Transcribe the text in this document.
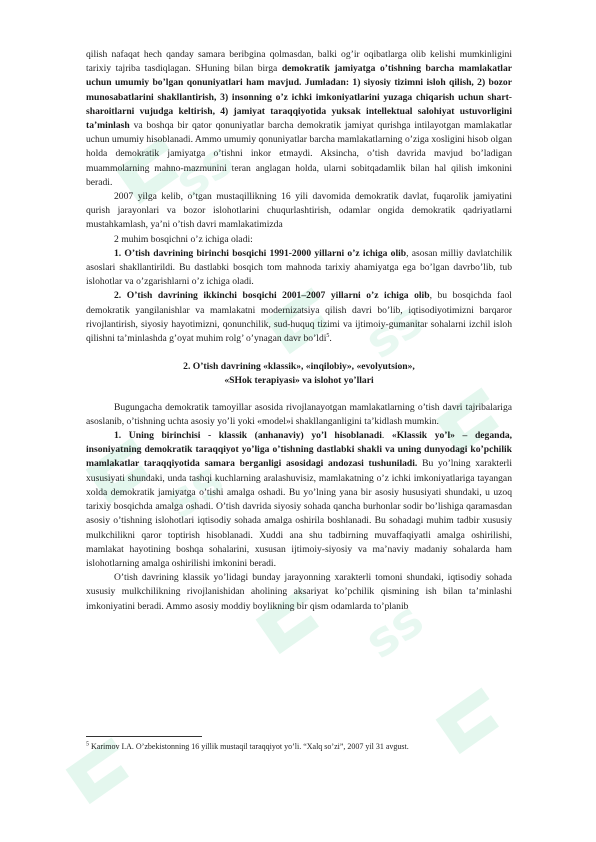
ss
ss
ss
ss

qilish nafaqat hech qanday samara beribgina qolmasdan, balki og’ir oqibatlarga olib kelishi mumkinligini tarixiy tajriba tasdiqlagan. SHuning bilan birga demokratik jamiyatga o’tishning barcha mamlakatlar uchun umumiy bo’lgan qonuniyatlari ham mavjud. Jumladan: 1) siyosiy tizimni isloh qilish, 2) bozor munosabatlarini shakllantirish, 3) insonning o’z ichki imkoniyatlarini yuzaga chiqarish uchun shart-sharoitlarni vujudga keltirish, 4) jamiyat taraqqiyotida yuksak intellektual salohiyat ustuvorligini ta’minlash va boshqa bir qator qonuniyatlar barcha demokratik jamiyat qurishga intilayotgan mamlakatlar uchun umumiy hisoblanadi. Ammo umumiy qonuniyatlar barcha mamlakatlarning o’ziga xosligini hisob olgan holda demokratik jamiyatga o’tishni inkor etmaydi. Aksincha, o’tish davrida mavjud bo’ladigan muammolarning mahno-mazmunini teran anglagan holda, ularni sobitqadamlik bilan hal qilish imkonini beradi.

2007 yilga kelib, o’tgan mustaqillikning 16 yili davomida demokratik davlat, fuqarolik jamiyatini qurish jarayonlari va bozor islohotlarini chuqurlashtirish, odamlar ongida demokratik qadriyatlarni mustahkamlash, ya’ni o’tish davri mamlakatimizda

2 muhim bosqichni o’z ichiga oladi:

1. O’tish davrining birinchi bosqichi 1991-2000 yillarni o’z ichiga olib, asosan milliy davlatchilik asoslari shakllantirildi. Bu dastlabki bosqich tom mahnoda tarixiy ahamiyatga ega bo’lgan davrbo’lib, tub islohotlar va o’zgarishlarni o’z ichiga oladi.

2. O’tish davrining ikkinchi bosqichi 2001–2007 yillarni o’z ichiga olib, bu bosqichda faol demokratik yangilanishlar va mamlakatni modernizatsiya qilish davri bo’lib, iqtisodiyotimizni barqaror rivojlantirish, siyosiy hayotimizni, qonunchilik, sud-huquq tizimi va ijtimoiy-gumanitar sohalarni izchil isloh qilishni ta’minlashda g’oyat muhim rolg’ o’ynagan davr bo’ldi$^5$.

2. O’tish davrining «klassik», «inqilobiy», «evolyutsion»,
«SHok terapiyasi» va islohot yo’llari

Bugungacha demokratik tamoyillar asosida rivojlanayotgan mamlakatlarning o’tish davri tajribalariga asoslanib, o’tishning uchta asosiy yo’li yoki «model»i shakllanganligini ta’kidlash mumkin.

1. Uning birinchisi - klassik (anhanaviy) yo’l hisoblanadi. «Klassik yo’l» – deganda, insoniyatning demokratik taraqqiyot yo’liga o’tishning dastlabki shakli va uning dunyodagi ko’pchilik mamlakatlar taraqqiyotida samara berganligi asosidagi andozasi tushuniladi. Bu yo’lning xarakterli xususiyati shundaki, unda tashqi kuchlarning aralashuvisiz, mamlakatning o’z ichki imkoniyatlariga tayangan xolda demokratik jamiyatga o’tishi amalga oshadi. Bu yo’lning yana bir asosiy hususiyati shundaki, u uzoq tarixiy bosqichda amalga oshadi. O’tish davrida siyosiy sohada qancha burhonlar sodir bo’lishiga qaramasdan asosiy o’tishning islohotlari iqtisodiy sohada amalga oshirila boshlanadi. Bu sohadagi muhim tadbir xususiy mulkchilikni qaror toptirish hisoblanadi. Xuddi ana shu tadbirning muvaffaqiyatli amalga oshirilishi, mamlakat hayotining boshqa sohalarini, xususan ijtimoiy-siyosiy va ma’naviy madaniy sohalarda ham islohotlarning amalga oshirilishi imkonini beradi.

O’tish davrining klassik yo’lidagi bunday jarayonning xarakterli tomoni shundaki, iqtisodiy sohada xususiy mulkchilikning rivojlanishidan aholining aksariyat ko’pchilik qismining ish bilan ta’minlashi imkoniyatini beradi. Ammo asosiy moddiy boylikning bir qism odamlarda to’planib

$^5$ Karimov I.A. O’zbekistonning 16 yillik mustaqil taraqqiyot yo’li. “Xalq so’zi”, 2007 yil 31 avgust.
